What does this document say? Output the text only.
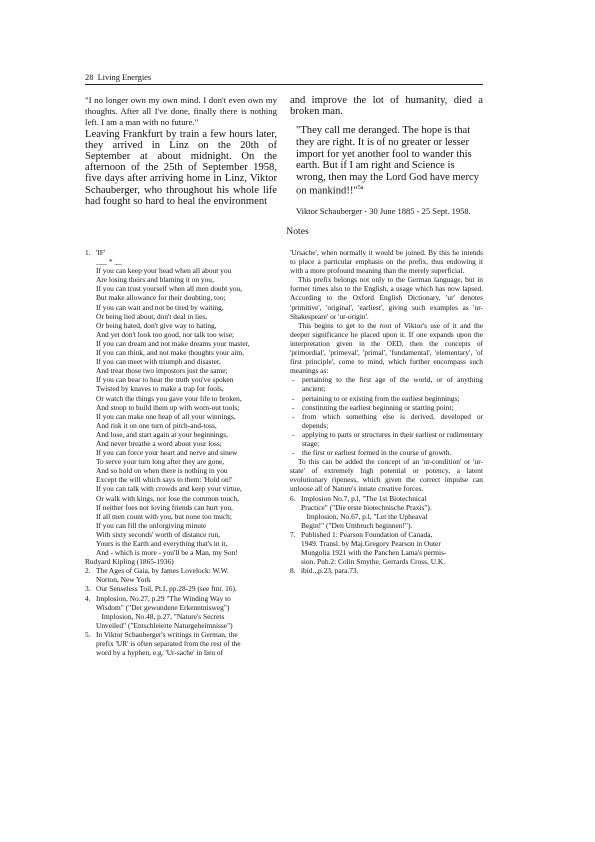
28 Living Energies
"I no longer own my own mind. I don't even own my thoughts. After all I've done, finally there is nothing left. I am a man with no future."
Leaving Frankfurt by train a few hours later, they arrived in Linz on the 20th of September at about midnight. On the afternoon of the 25th of September 1958, five days after arriving home in Linz, Viktor Schauberger, who throughout his whole life had fought so hard to heal the environment
and improve the lot of humanity, died a broken man.

"They call me deranged. The hope is that
they are right. It is of no greater or lesser
import for yet another fool to wander this
earth. But if I am right and Science is
wrong, then may the Lord God have mercy
on mankind!!"$^{5a}$

Viktor Schauberger - 30 June 1885 - 25 Sept. 1958.
Notes
1. 'IF'
___ * __
If you can keep your head when all about you
Are losing theirs and blaming it on you,
If you can trust yourself when all men doubt you,
But make allowance for their doubting, too;
If you can wait and not be tired by waiting,
Or being lied about, don't deal in lies,
Or being hated, don't give way to hating,
And yet don't look too good, nor talk too wise;
If you can dream and not make dreams your master,
If you can think, and not make thoughts your aim,
If you can meet with triumph and disaster,
And treat those two impostors just the same;
If you can bear to hear the truth you've spoken
Twisted by knaves to make a trap for fools,
Or watch the things you gave your life to broken,
And stoop to build them up with worn-out tools;
If you can make one heap of all your winnings,
And risk it on one turn of pitch-and-toss,
And lose, and start again at your beginnings,
And never breathe a word about your loss;
If you can force your heart and nerve and sinew
To serve your turn long after they are gone,
And so hold on when there is nothing in you
Except the will which says to them: 'Hold on!'
If you can talk with crowds and keep your virtue,
Or walk with kings, nor lose the common touch,
If neither foes nor loving friends can hurt you,
If all men count with you, but none too much;
If you can fill the unforgiving minute
With sixty seconds' worth of distance run,
Yours is the Earth and everything that's in it,
And - which is more - you'll be a Man, my Son!
Rudyard Kipling (1865-1936)
2. The Ages of Gaia, by James Lovelock: W.W.
Norton, New York
3. Our Senseless Toil, Pt.I, pp.28-29 (see ftnt. 16).
4. Implosion, No.27, p.29 "The Winding Way to
Wisdom" ("Der gewundene Erkenntnisweg")
Implosion, No.48, p.27, "Nature's Secrets
Unveiled" ("Entschleierte Naturgeheimnisse")
5. In Viktor Schauberger's writings in German, the
prefix 'UR' is often separated from the rest of the
word by a hyphen, e.g. 'Ur-sache' in lieu of
'Ursache', when normally it would be joined. By this he intends to place a particular emphasis on the prefix, thus endowing it with a more profound meaning than the merely superficial.
This prefix belongs not only to the German language, but in former times also to the English, a usage which has now lapsed. According to the Oxford English Dictionary, 'ur' denotes 'primitive', 'original', 'earliest', giving such examples as 'ur-Shakespeare' or 'ur-origin'.
This begins to get to the root of Viktor's use of it and the deeper significance he placed upon it. If one expands upon the interpretation given in the OED, then the concepts of 'primordial', 'primeval', 'primal', 'fundamental', 'elementary', 'of first principle', come to mind, which further encompass such meanings as:
- pertaining to the first age of the world, or of anything ancient;
- pertaining to or existing from the earliest beginnings;
- constituting the earliest beginning or starting point;
- from which something else is derived, developed or depends;
- applying to parts or structures in their earliest or rudimentary stage;
- the first or earliest formed in the course of growth.
To this can be added the concept of an 'ur-condition' or 'ur-state' of extremely high potential or potency, a latent evolutionary ripeness, which given the correct impulse can unloose all of Nature's innate creative forces.
6. Implosion No.7, p.l, "The 1st Biotechnical
Practice" ("Die erste biotechnische Praxis").
Implosion, No.67, p.l, "Let the Upheaval
Begin!" ("Den Umbruch beginnen!").
7. Published 1: Pearson Foundation of Canada,
1949. Transl. by Maj.Gregory Pearson in Outer
Mongolia 1921 with the Panchen Lama's permis-
sion. Pub.2: Colin Smythe, Gerrards Cross, U.K.
8. ibid.,,p.23, para.73.
